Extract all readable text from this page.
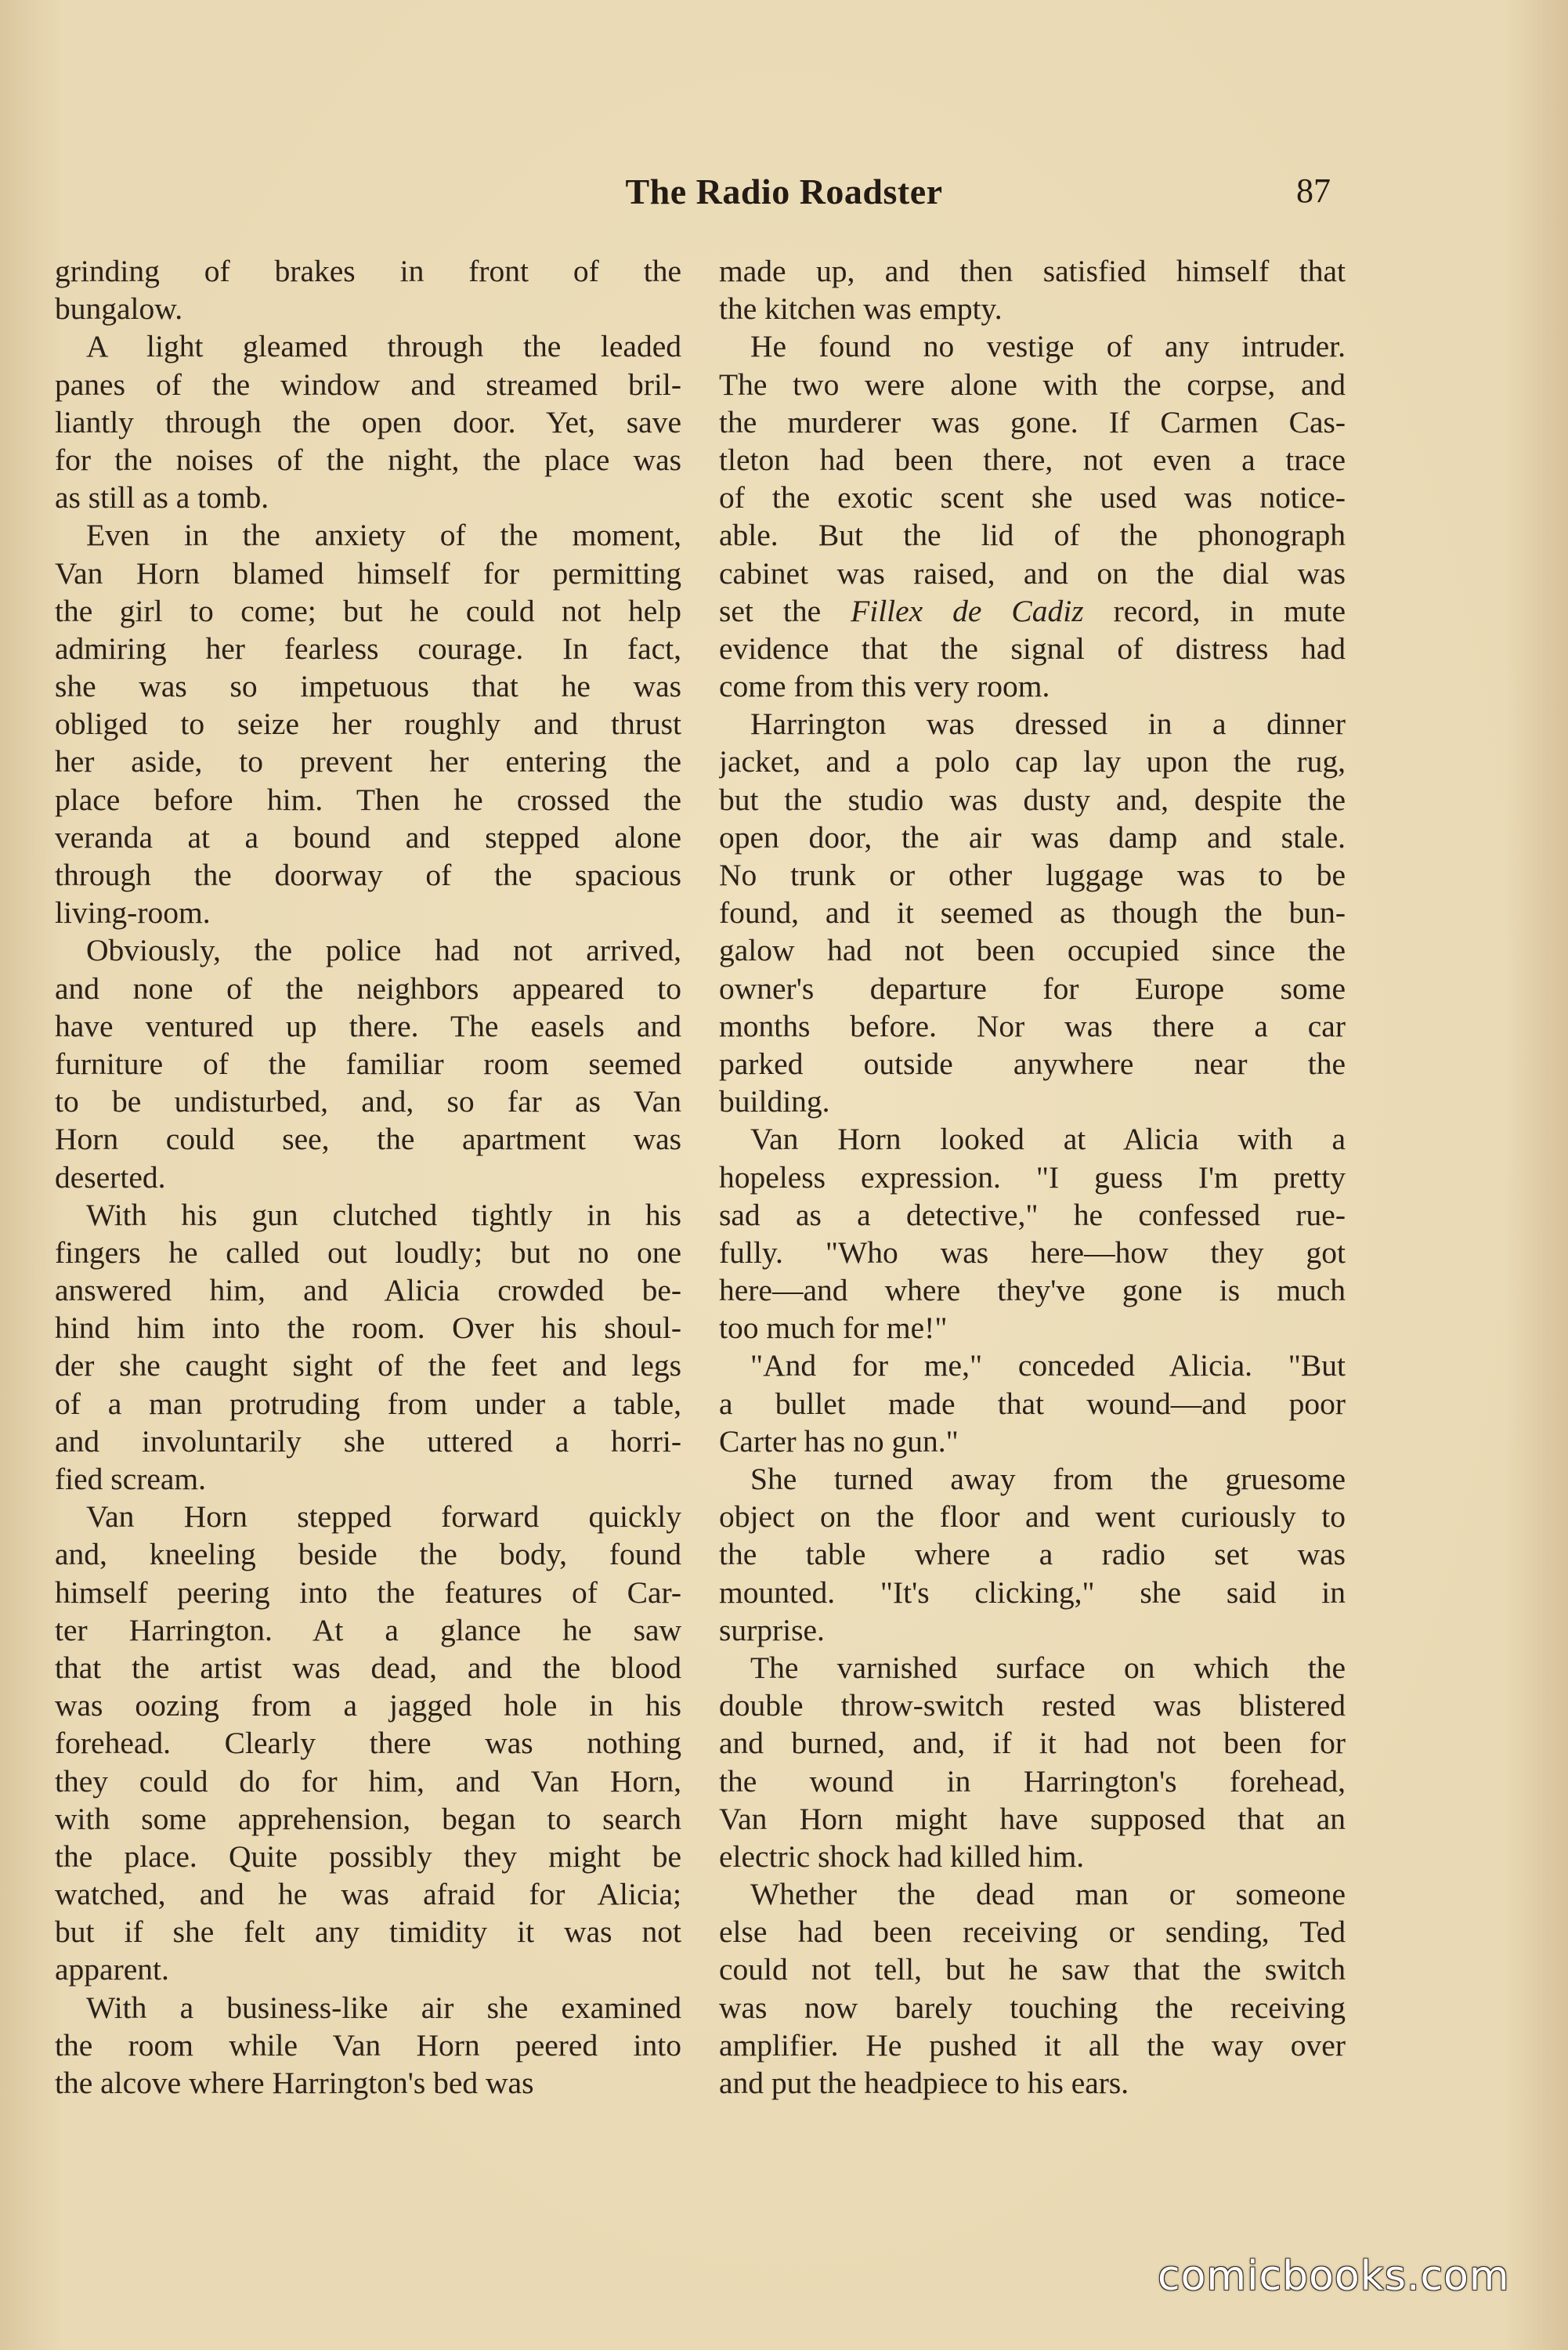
The Radio Roadster	87
grinding of brakes in front of the
bungalow.
A light gleamed through the leaded
panes of the window and streamed bril-
liantly through the open door. Yet, save
for the noises of the night, the place was
as still as a tomb.
Even in the anxiety of the moment,
Van Horn blamed himself for permitting
the girl to come; but he could not help
admiring her fearless courage. In fact,
she was so impetuous that he was
obliged to seize her roughly and thrust
her aside, to prevent her entering the
place before him. Then he crossed the
veranda at a bound and stepped alone
through the doorway of the spacious
living-room.
Obviously, the police had not arrived,
and none of the neighbors appeared to
have ventured up there. The easels and
furniture of the familiar room seemed
to be undisturbed, and, so far as Van
Horn could see, the apartment was
deserted.
With his gun clutched tightly in his
fingers he called out loudly; but no one
answered him, and Alicia crowded be-
hind him into the room. Over his shoul-
der she caught sight of the feet and legs
of a man protruding from under a table,
and involuntarily she uttered a horri-
fied scream.
Van Horn stepped forward quickly
and, kneeling beside the body, found
himself peering into the features of Car-
ter Harrington. At a glance he saw
that the artist was dead, and the blood
was oozing from a jagged hole in his
forehead. Clearly there was nothing
they could do for him, and Van Horn,
with some apprehension, began to search
the place. Quite possibly they might be
watched, and he was afraid for Alicia;
but if she felt any timidity it was not
apparent.
With a business-like air she examined
the room while Van Horn peered into
the alcove where Harrington's bed was
made up, and then satisfied himself that
the kitchen was empty.
He found no vestige of any intruder.
The two were alone with the corpse, and
the murderer was gone. If Carmen Cas-
tleton had been there, not even a trace
of the exotic scent she used was notice-
able. But the lid of the phonograph
cabinet was raised, and on the dial was
set the Fillex de Cadiz record, in mute
evidence that the signal of distress had
come from this very room.
Harrington was dressed in a dinner
jacket, and a polo cap lay upon the rug,
but the studio was dusty and, despite the
open door, the air was damp and stale.
No trunk or other luggage was to be
found, and it seemed as though the bun-
galow had not been occupied since the
owner's departure for Europe some
months before. Nor was there a car
parked outside anywhere near the
building.
Van Horn looked at Alicia with a
hopeless expression. "I guess I'm pretty
sad as a detective," he confessed rue-
fully. "Who was here—how they got
here—and where they've gone is much
too much for me!"
"And for me," conceded Alicia. "But
a bullet made that wound—and poor
Carter has no gun."
She turned away from the gruesome
object on the floor and went curiously to
the table where a radio set was
mounted. "It's clicking," she said in
surprise.
The varnished surface on which the
double throw-switch rested was blistered
and burned, and, if it had not been for
the wound in Harrington's forehead,
Van Horn might have supposed that an
electric shock had killed him.
Whether the dead man or someone
else had been receiving or sending, Ted
could not tell, but he saw that the switch
was now barely touching the receiving
amplifier. He pushed it all the way over
and put the headpiece to his ears.
comicbooks.com
